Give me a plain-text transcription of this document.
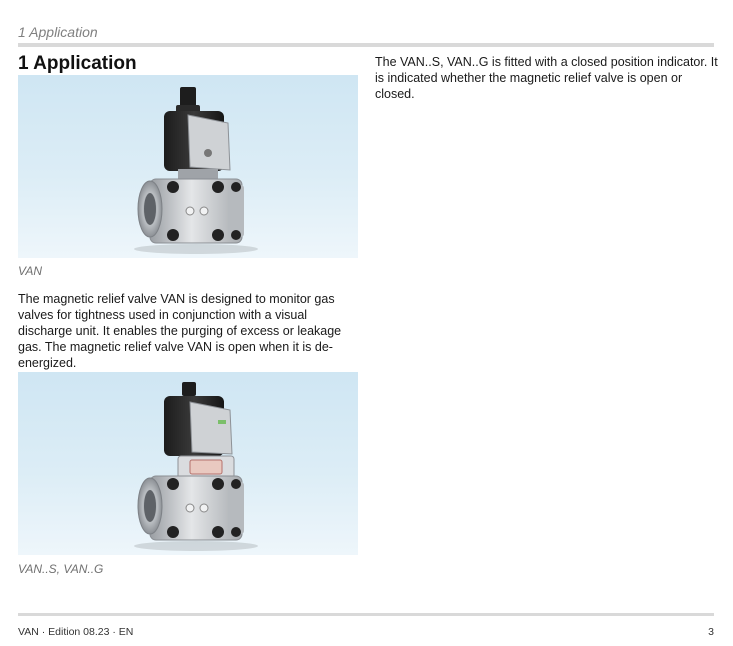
1 Application
1 Application
VAN
The magnetic relief valve VAN is designed to monitor gas valves for tightness used in conjunction with a visual discharge unit. It enables the purging of excess or leakage gas. The magnetic relief valve VAN is open when it is de-energized.
VAN..S, VAN..G
The VAN..S, VAN..G is fitted with a closed position indicator. It is indicated whether the magnetic relief valve is open or closed.
VAN · Edition 08.23 · EN	3
